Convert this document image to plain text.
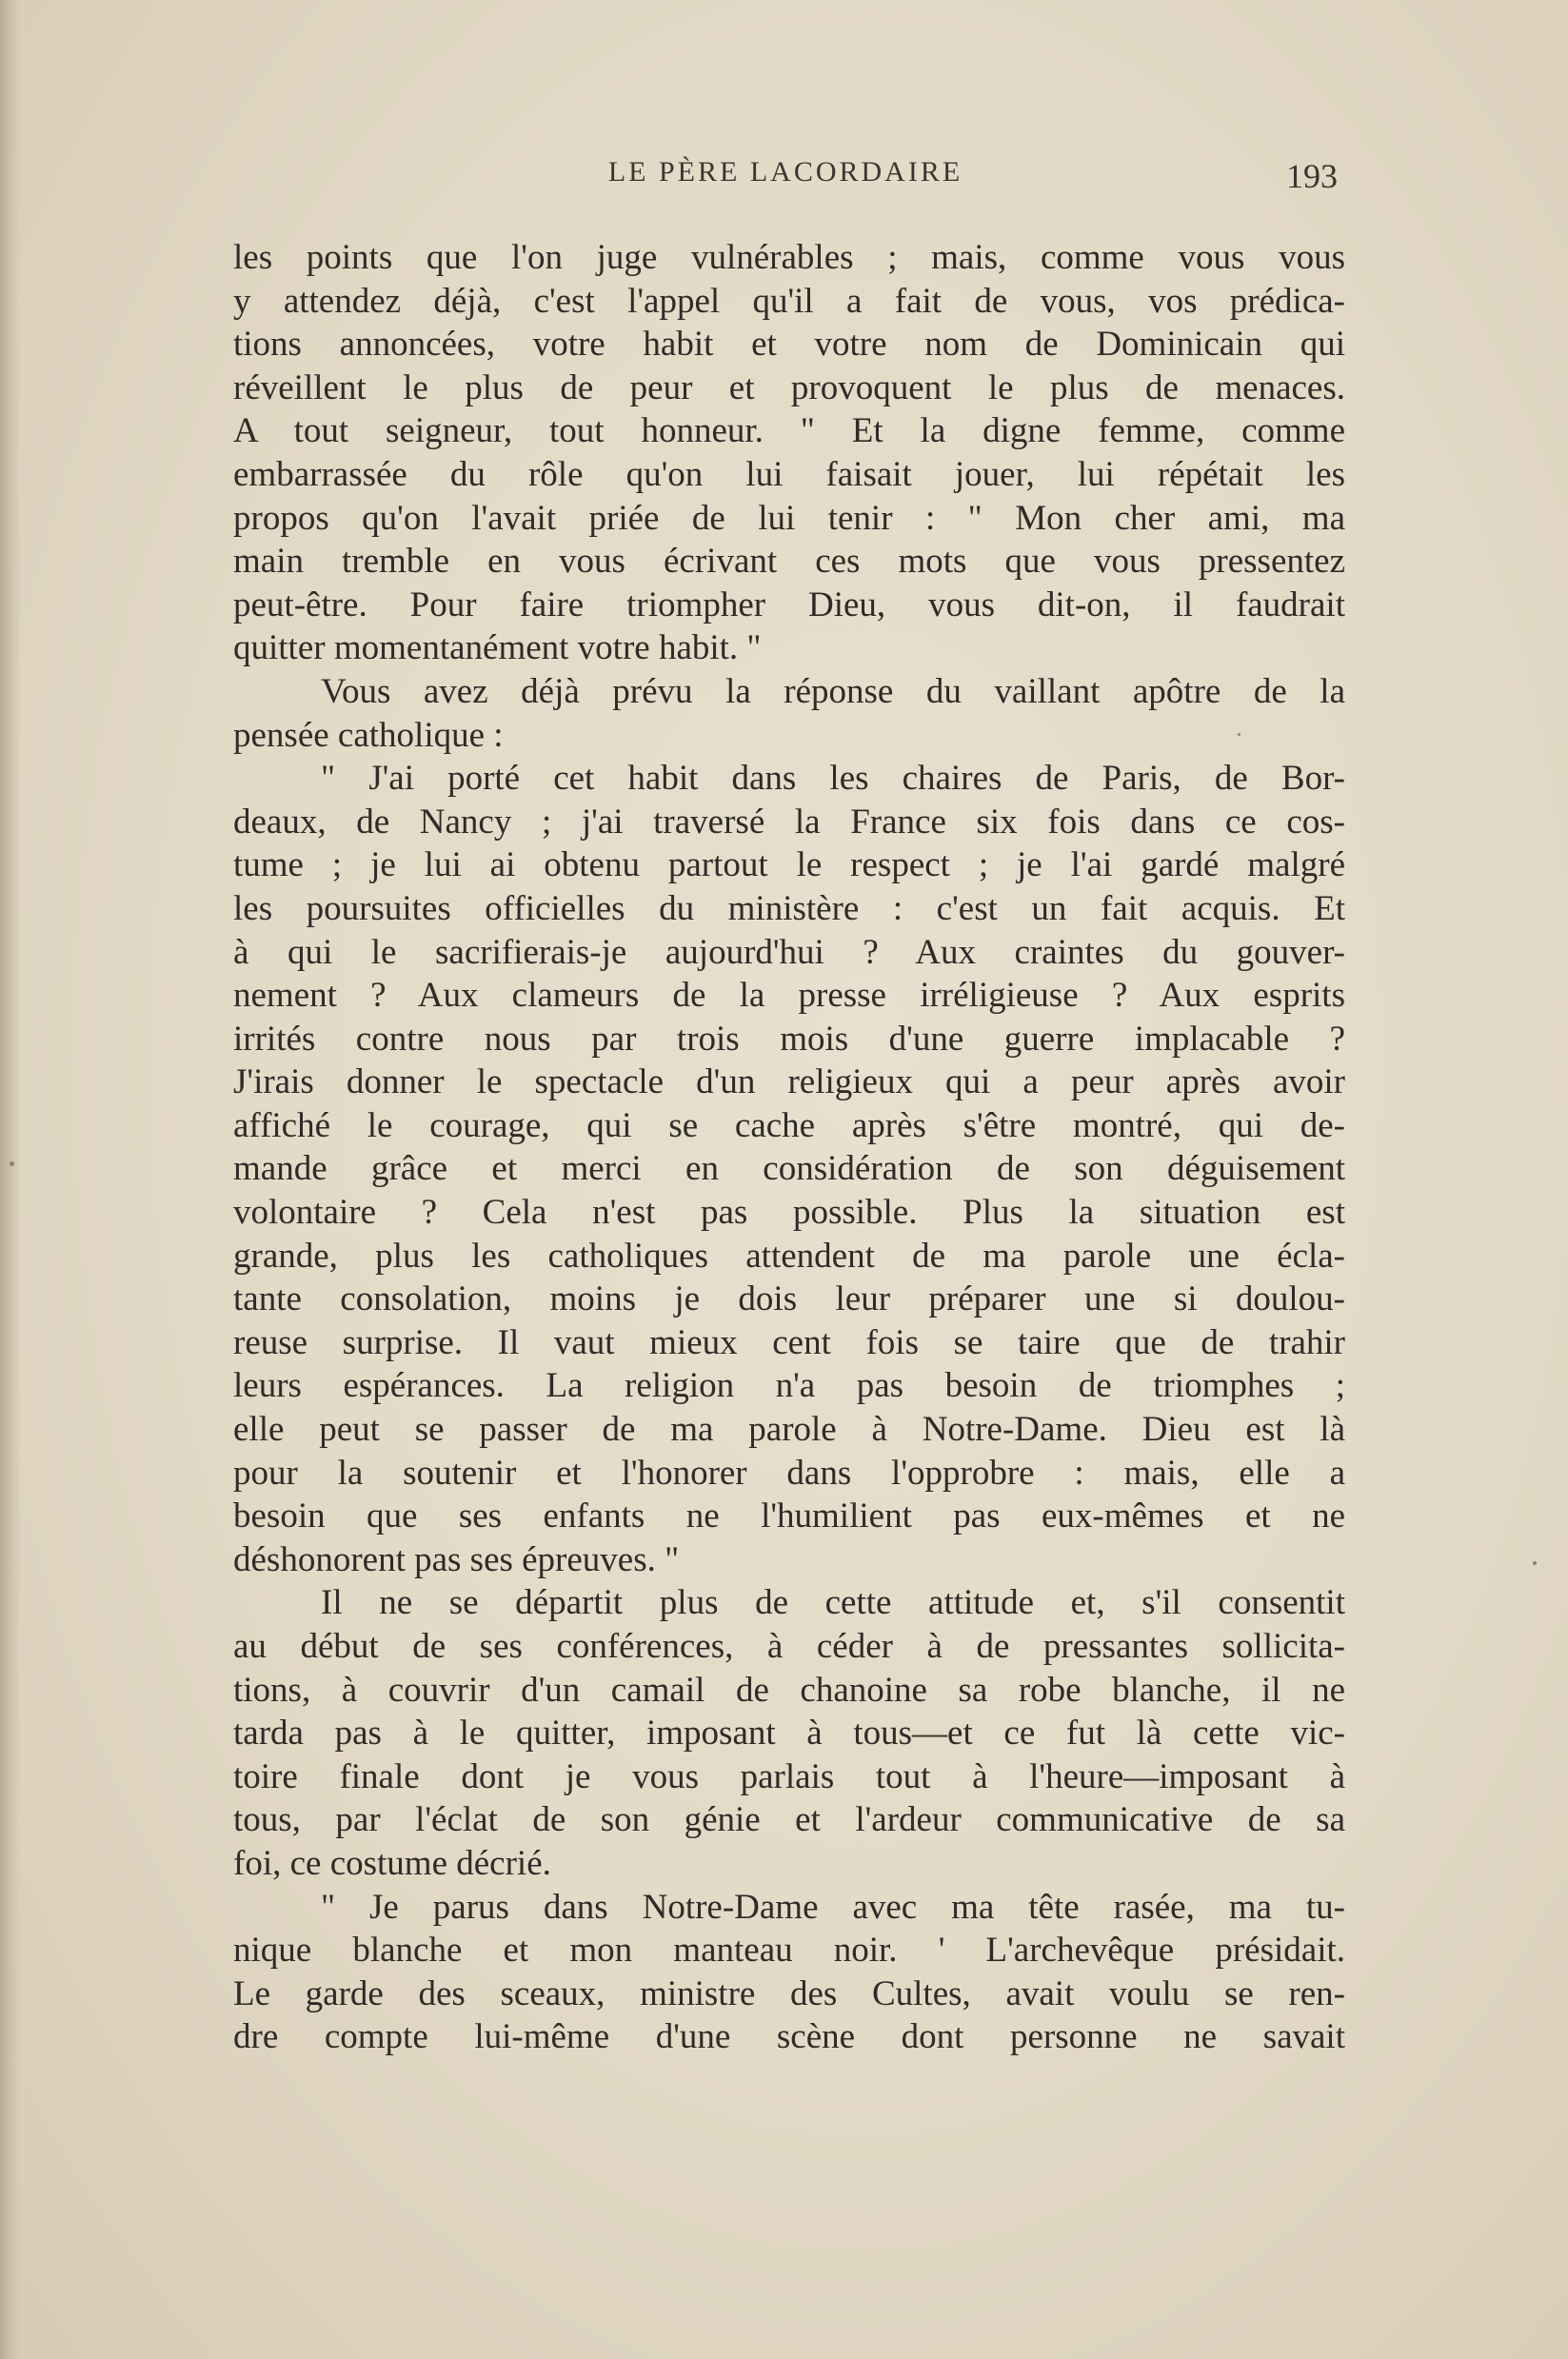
LE PÈRE LACORDAIRE	193
les points que l'on juge vulnérables ; mais, comme vous vous
y attendez déjà, c'est l'appel qu'il a fait de vous, vos prédica-
tions annoncées, votre habit et votre nom de Dominicain qui
réveillent le plus de peur et provoquent le plus de menaces.
A tout seigneur, tout honneur. " Et la digne femme, comme
embarrassée du rôle qu'on lui faisait jouer, lui répétait les
propos qu'on l'avait priée de lui tenir : " Mon cher ami, ma
main tremble en vous écrivant ces mots que vous pressentez
peut-être. Pour faire triompher Dieu, vous dit-on, il faudrait
quitter momentanément votre habit. "
Vous avez déjà prévu la réponse du vaillant apôtre de la
pensée catholique :
" J'ai porté cet habit dans les chaires de Paris, de Bor-
deaux, de Nancy ; j'ai traversé la France six fois dans ce cos-
tume ; je lui ai obtenu partout le respect ; je l'ai gardé malgré
les poursuites officielles du ministère : c'est un fait acquis. Et
à qui le sacrifierais-je aujourd'hui ? Aux craintes du gouver-
nement ? Aux clameurs de la presse irréligieuse ? Aux esprits
irrités contre nous par trois mois d'une guerre implacable ?
J'irais donner le spectacle d'un religieux qui a peur après avoir
affiché le courage, qui se cache après s'être montré, qui de-
mande grâce et merci en considération de son déguisement
volontaire ? Cela n'est pas possible. Plus la situation est
grande, plus les catholiques attendent de ma parole une écla-
tante consolation, moins je dois leur préparer une si doulou-
reuse surprise. Il vaut mieux cent fois se taire que de trahir
leurs espérances. La religion n'a pas besoin de triomphes ;
elle peut se passer de ma parole à Notre-Dame. Dieu est là
pour la soutenir et l'honorer dans l'opprobre : mais, elle a
besoin que ses enfants ne l'humilient pas eux-mêmes et ne
déshonorent pas ses épreuves. "
Il ne se départit plus de cette attitude et, s'il consentit
au début de ses conférences, à céder à de pressantes sollicita-
tions, à couvrir d'un camail de chanoine sa robe blanche, il ne
tarda pas à le quitter, imposant à tous—et ce fut là cette vic-
toire finale dont je vous parlais tout à l'heure—imposant à
tous, par l'éclat de son génie et l'ardeur communicative de sa
foi, ce costume décrié.
" Je parus dans Notre-Dame avec ma tête rasée, ma tu-
nique blanche et mon manteau noir. ' L'archevêque présidait.
Le garde des sceaux, ministre des Cultes, avait voulu se ren-
dre compte lui-même d'une scène dont personne ne savait
